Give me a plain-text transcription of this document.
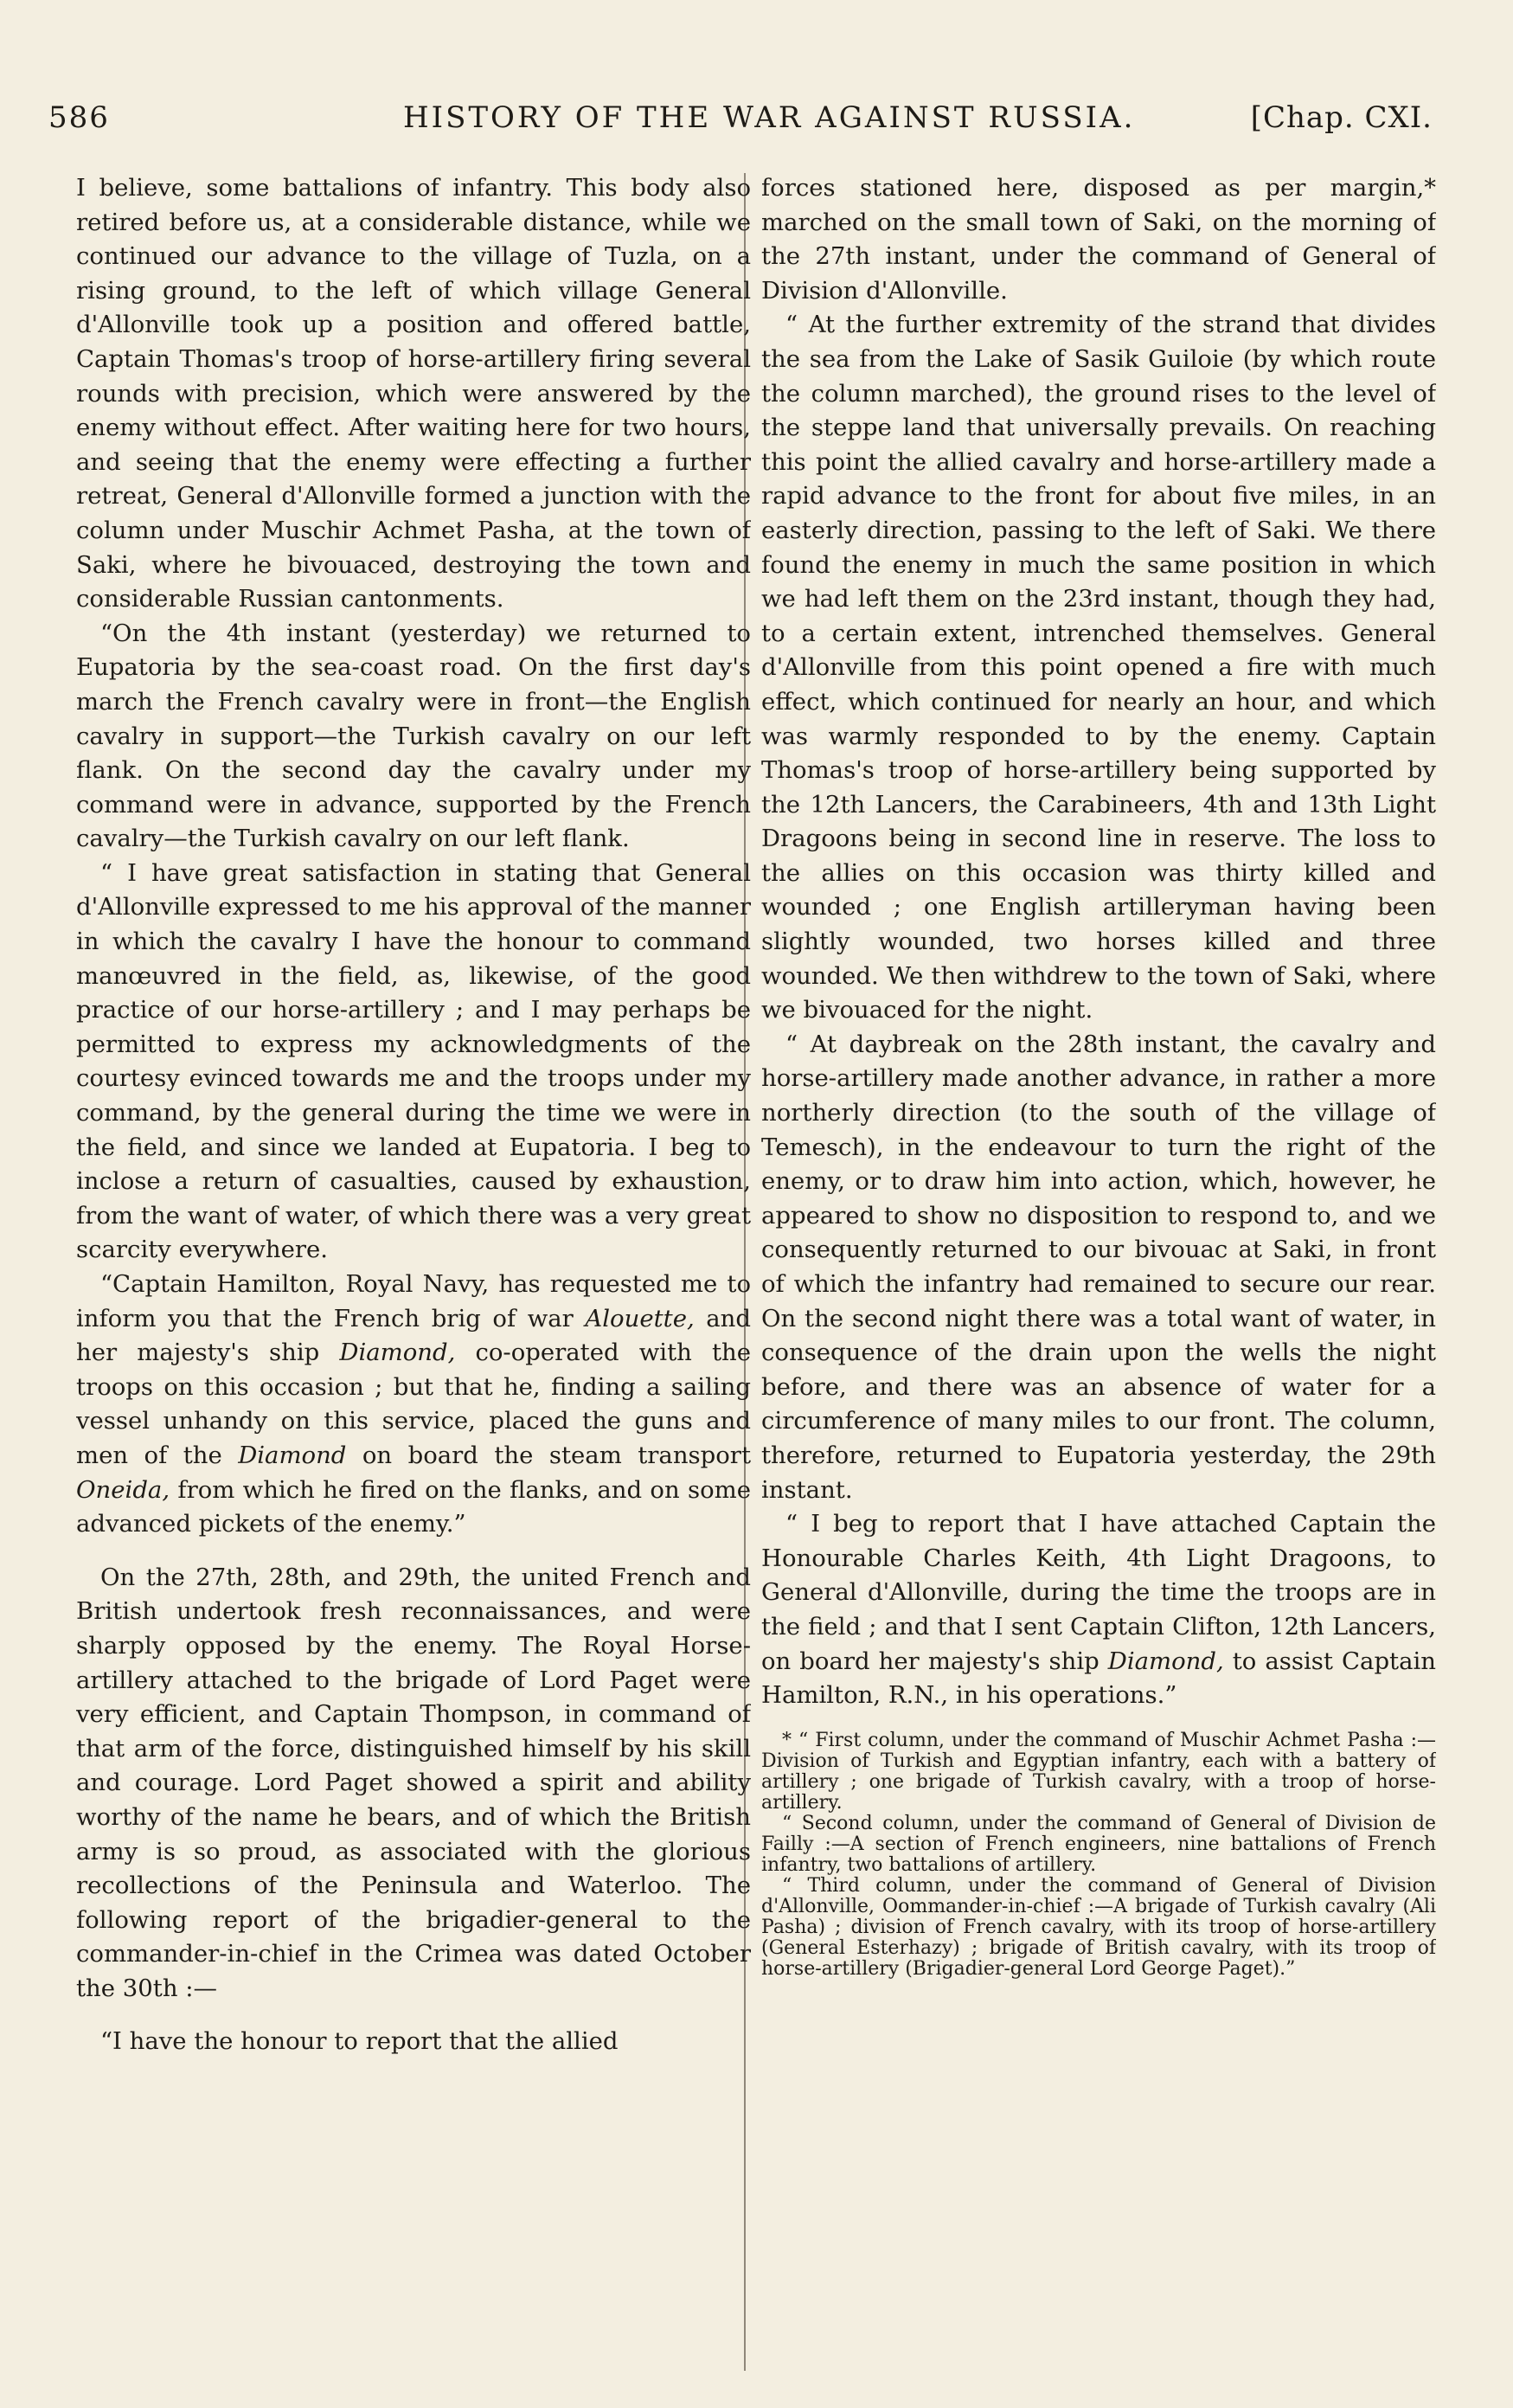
586	HISTORY OF THE WAR AGAINST RUSSIA.	[Chap. CXI.

I believe, some battalions of infantry. This body also retired before us, at a considerable distance, while we continued our advance to the village of Tuzla, on a rising ground, to the left of which village General d'Allonville took up a position and offered battle, Captain Thomas's troop of horse-artillery firing several rounds with precision, which were answered by the enemy without effect. After waiting here for two hours, and seeing that the enemy were effecting a further retreat, General d'Allonville formed a junction with the column under Muschir Achmet Pasha, at the town of Saki, where he bivouaced, destroying the town and considerable Russian cantonments.

“On the 4th instant (yesterday) we returned to Eupatoria by the sea-coast road. On the first day's march the French cavalry were in front—the English cavalry in support—the Turkish cavalry on our left flank. On the second day the cavalry under my command were in advance, supported by the French cavalry—the Turkish cavalry on our left flank.

“ I have great satisfaction in stating that General d'Allonville expressed to me his approval of the manner in which the cavalry I have the honour to command manœuvred in the field, as, likewise, of the good practice of our horse-artillery ; and I may perhaps be permitted to express my acknowledgments of the courtesy evinced towards me and the troops under my command, by the general during the time we were in the field, and since we landed at Eupatoria. I beg to inclose a return of casualties, caused by exhaustion, from the want of water, of which there was a very great scarcity everywhere.

“Captain Hamilton, Royal Navy, has requested me to inform you that the French brig of war Alouette, and her majesty's ship Diamond, co-operated with the troops on this occasion ; but that he, finding a sailing vessel unhandy on this service, placed the guns and men of the Diamond on board the steam transport Oneida, from which he fired on the flanks, and on some advanced pickets of the enemy.”

On the 27th, 28th, and 29th, the united French and British undertook fresh reconnaissances, and were sharply opposed by the enemy. The Royal Horse-artillery attached to the brigade of Lord Paget were very efficient, and Captain Thompson, in command of that arm of the force, distinguished himself by his skill and courage. Lord Paget showed a spirit and ability worthy of the name he bears, and of which the British army is so proud, as associated with the glorious recollections of the Peninsula and Waterloo. The following report of the brigadier-general to the commander-in-chief in the Crimea was dated October the 30th :—

“I have the honour to report that the allied

forces stationed here, disposed as per margin,* marched on the small town of Saki, on the morning of the 27th instant, under the command of General of Division d'Allonville.

“ At the further extremity of the strand that divides the sea from the Lake of Sasik Guiloie (by which route the column marched), the ground rises to the level of the steppe land that universally prevails. On reaching this point the allied cavalry and horse-artillery made a rapid advance to the front for about five miles, in an easterly direction, passing to the left of Saki. We there found the enemy in much the same position in which we had left them on the 23rd instant, though they had, to a certain extent, intrenched themselves. General d'Allonville from this point opened a fire with much effect, which continued for nearly an hour, and which was warmly responded to by the enemy. Captain Thomas's troop of horse-artillery being supported by the 12th Lancers, the Carabineers, 4th and 13th Light Dragoons being in second line in reserve. The loss to the allies on this occasion was thirty killed and wounded ; one English artilleryman having been slightly wounded, two horses killed and three wounded. We then withdrew to the town of Saki, where we bivouaced for the night.

“ At daybreak on the 28th instant, the cavalry and horse-artillery made another advance, in rather a more northerly direction (to the south of the village of Temesch), in the endeavour to turn the right of the enemy, or to draw him into action, which, however, he appeared to show no disposition to respond to, and we consequently returned to our bivouac at Saki, in front of which the infantry had remained to secure our rear. On the second night there was a total want of water, in consequence of the drain upon the wells the night before, and there was an absence of water for a circumference of many miles to our front. The column, therefore, returned to Eupatoria yesterday, the 29th instant.

“ I beg to report that I have attached Captain the Honourable Charles Keith, 4th Light Dragoons, to General d'Allonville, during the time the troops are in the field ; and that I sent Captain Clifton, 12th Lancers, on board her majesty's ship Diamond, to assist Captain Hamilton, R.N., in his operations.”

* “ First column, under the command of Muschir Achmet Pasha :—Division of Turkish and Egyptian infantry, each with a battery of artillery ; one brigade of Turkish cavalry, with a troop of horse-artillery.

“ Second column, under the command of General of Division de Failly :—A section of French engineers, nine battalions of French infantry, two battalions of artillery.

“ Third column, under the command of General of Division d'Allonville, Oommander-in-chief :—A brigade of Turkish cavalry (Ali Pasha) ; division of French cavalry, with its troop of horse-artillery (General Esterhazy) ; brigade of British cavalry, with its troop of horse-artillery (Brigadier-general Lord George Paget).”
